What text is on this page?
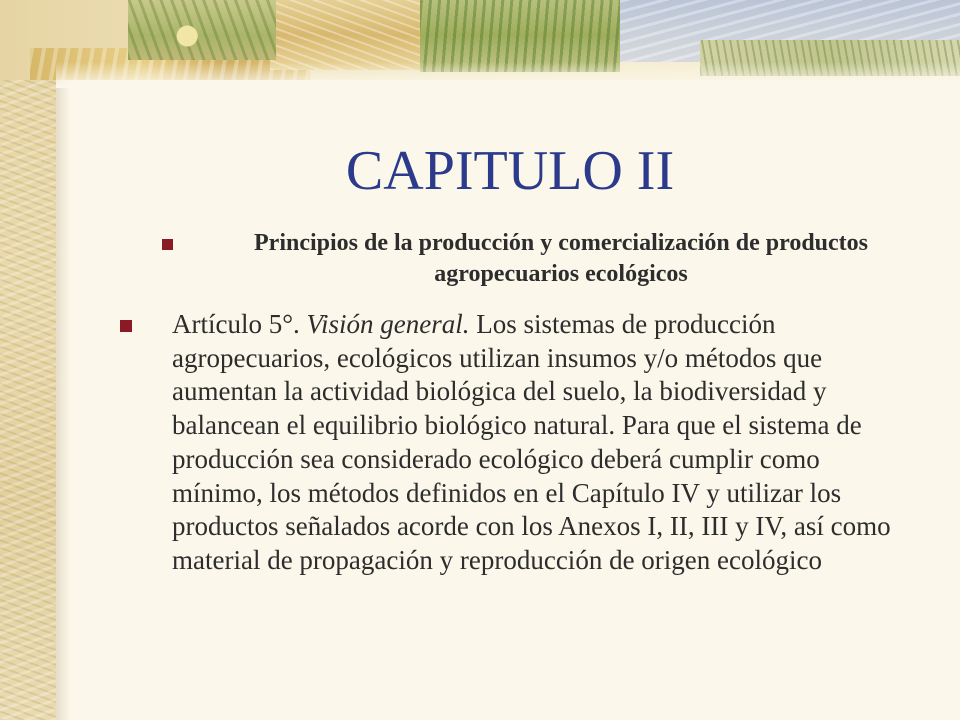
CAPITULO II
Principios de la producción y comercialización de productos agropecuarios ecológicos
Artículo 5°. Visión general. Los sistemas de producción agropecuarios, ecológicos utilizan insumos y/o métodos que aumentan la actividad biológica del suelo, la biodiversidad y balancean el equilibrio biológico natural. Para que el sistema de producción sea considerado ecológico deberá cumplir como mínimo, los métodos definidos en el Capítulo IV y utilizar los productos señalados acorde con los Anexos I, II, III y IV, así como material de propagación y reproducción de origen ecológico
